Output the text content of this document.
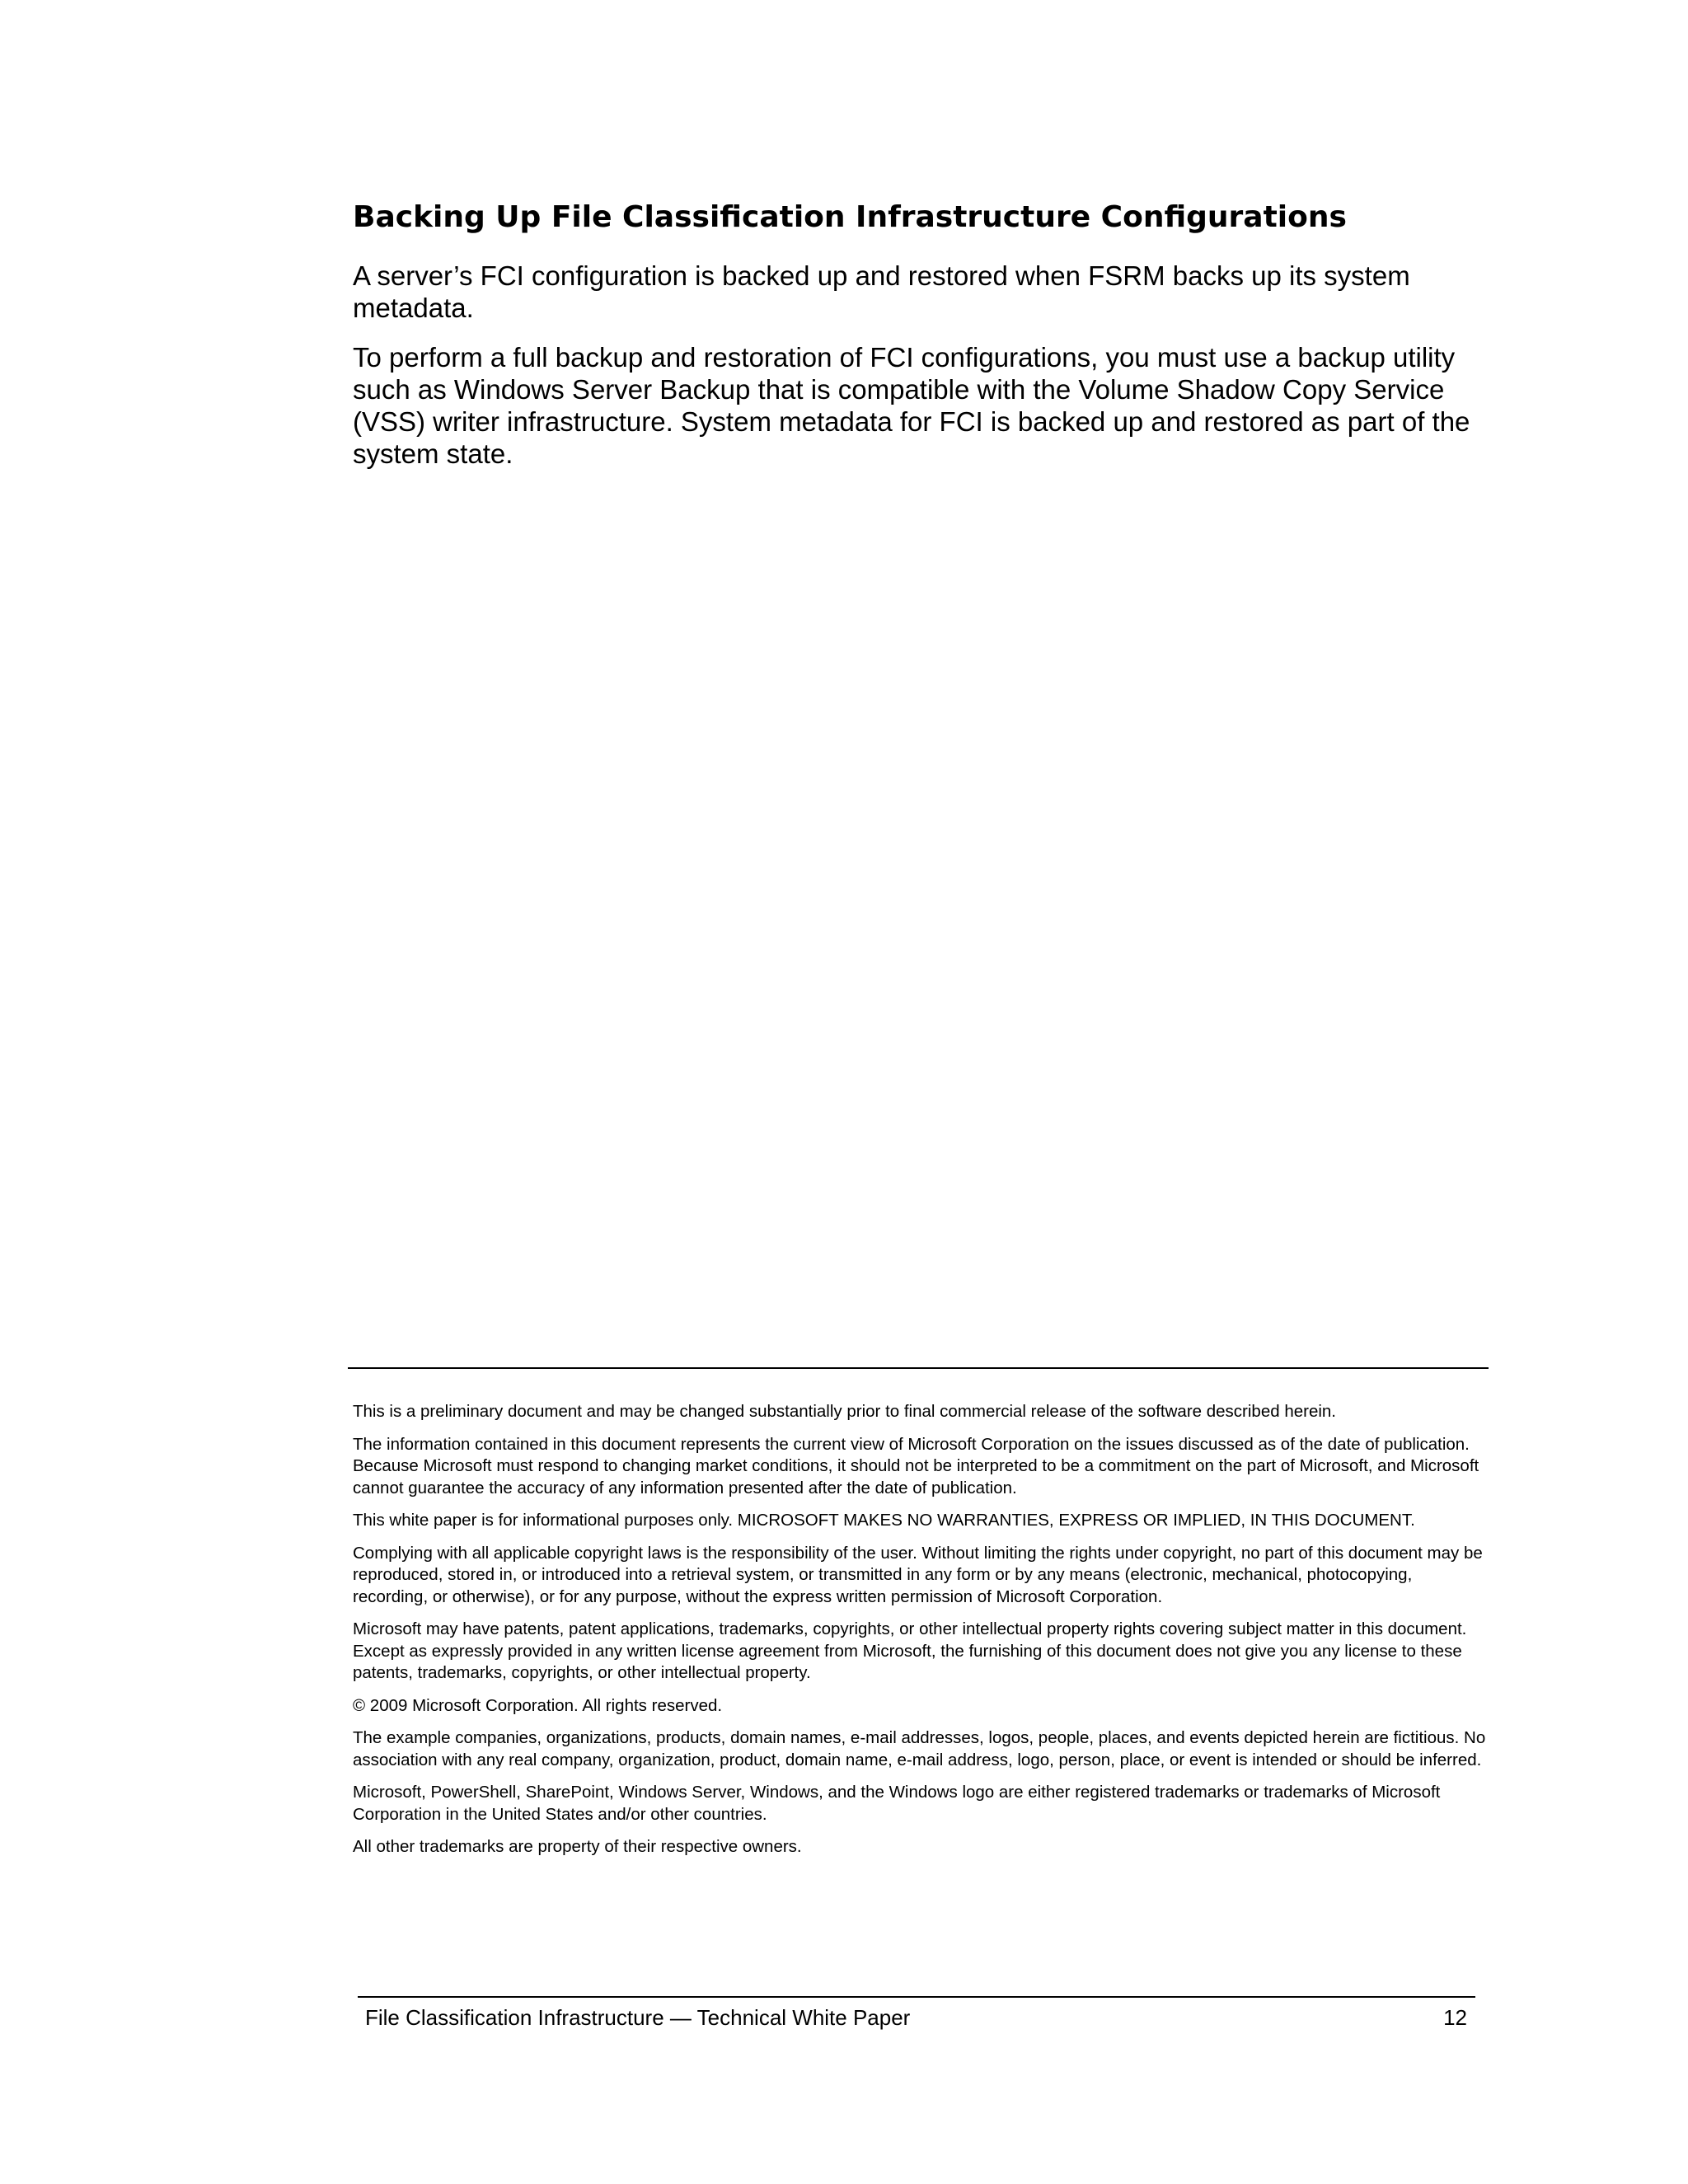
Backing Up File Classification Infrastructure Configurations

A server’s FCI configuration is backed up and restored when FSRM backs up its system metadata.

To perform a full backup and restoration of FCI configurations, you must use a backup utility such as Windows Server Backup that is compatible with the Volume Shadow Copy Service (VSS) writer infrastructure. System metadata for FCI is backed up and restored as part of the system state.

This is a preliminary document and may be changed substantially prior to final commercial release of the software described herein.

The information contained in this document represents the current view of Microsoft Corporation on the issues discussed as of the date of publication. Because Microsoft must respond to changing market conditions, it should not be interpreted to be a commitment on the part of Microsoft, and Microsoft cannot guarantee the accuracy of any information presented after the date of publication.

This white paper is for informational purposes only. MICROSOFT MAKES NO WARRANTIES, EXPRESS OR IMPLIED, IN THIS DOCUMENT.

Complying with all applicable copyright laws is the responsibility of the user. Without limiting the rights under copyright, no part of this document may be reproduced, stored in, or introduced into a retrieval system, or transmitted in any form or by any means (electronic, mechanical, photocopying, recording, or otherwise), or for any purpose, without the express written permission of Microsoft Corporation.

Microsoft may have patents, patent applications, trademarks, copyrights, or other intellectual property rights covering subject matter in this document. Except as expressly provided in any written license agreement from Microsoft, the furnishing of this document does not give you any license to these patents, trademarks, copyrights, or other intellectual property.

© 2009 Microsoft Corporation. All rights reserved.

The example companies, organizations, products, domain names, e-mail addresses, logos, people, places, and events depicted herein are fictitious. No association with any real company, organization, product, domain name, e-mail address, logo, person, place, or event is intended or should be inferred.

Microsoft, PowerShell, SharePoint, Windows Server, Windows, and the Windows logo are either registered trademarks or trademarks of Microsoft Corporation in the United States and/or other countries.

All other trademarks are property of their respective owners.

File Classification Infrastructure — Technical White Paper	12
